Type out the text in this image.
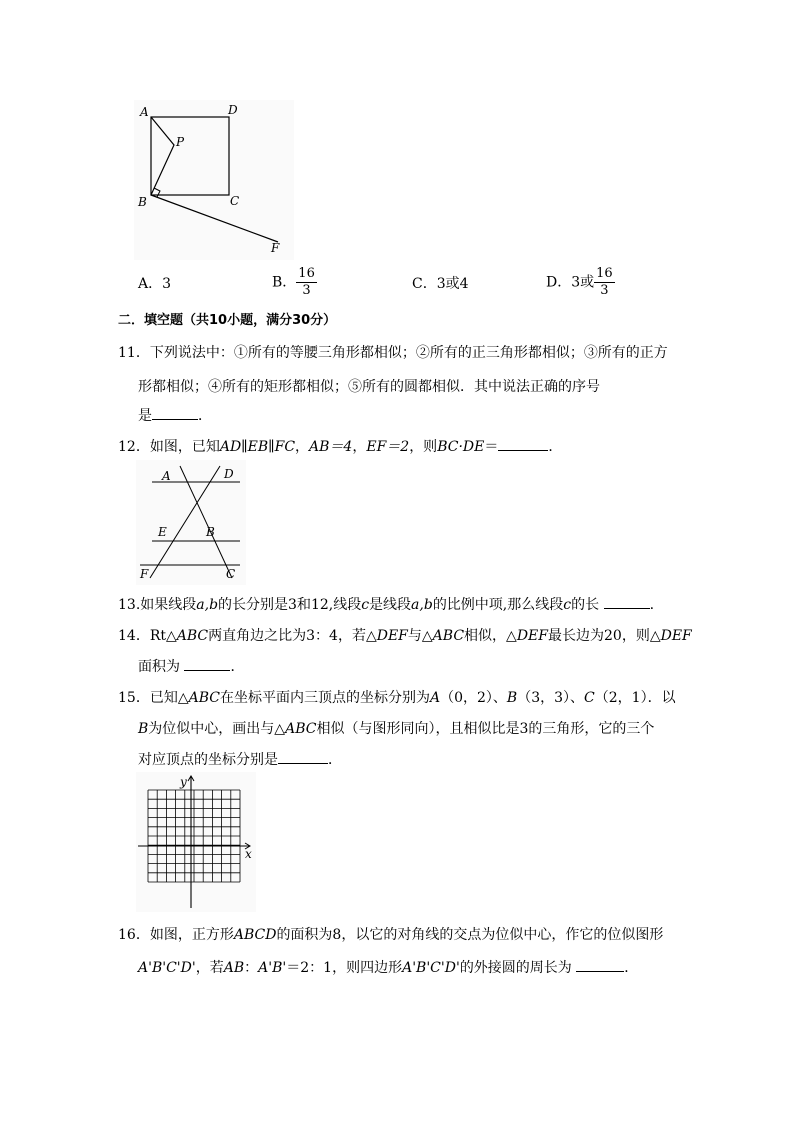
A	D
P
B	C
F
A．3	B． $\frac{16}{3}$	C．3或4	D．3或 $\frac{16}{3}$
二．填空题（共10小题，满分30分）
11．下列说法中：①所有的等腰三角形都相似；②所有的正三角形都相似；③所有的正方
形都相似；④所有的矩形都相似；⑤所有的圆都相似．其中说法正确的序号
是	．
12．如图，已知AD∥EB∥FC，AB＝4，EF＝2，则BC·DE＝	．
A	D
E	B
F	C
13.如果线段a,b的长分别是3和12,线段c是线段a,b的比例中项,那么线段c的长	.
14．Rt△ABC两直角边之比为3：4，若△DEF与△ABC相似，△DEF最长边为20，则△DEF
面积为	．
15．已知△ABC在坐标平面内三顶点的坐标分别为A（0，2）、B（3，3）、C（2，1）．以
B为位似中心，画出与△ABC相似（与图形同向），且相似比是3的三角形，它的三个
对应顶点的坐标分别是	．
x
y
16．如图，正方形ABCD的面积为8，以它的对角线的交点为位似中心，作它的位似图形
A'B'C'D'，若AB：A'B'＝2：1，则四边形A'B'C'D'的外接圆的周长为	．
